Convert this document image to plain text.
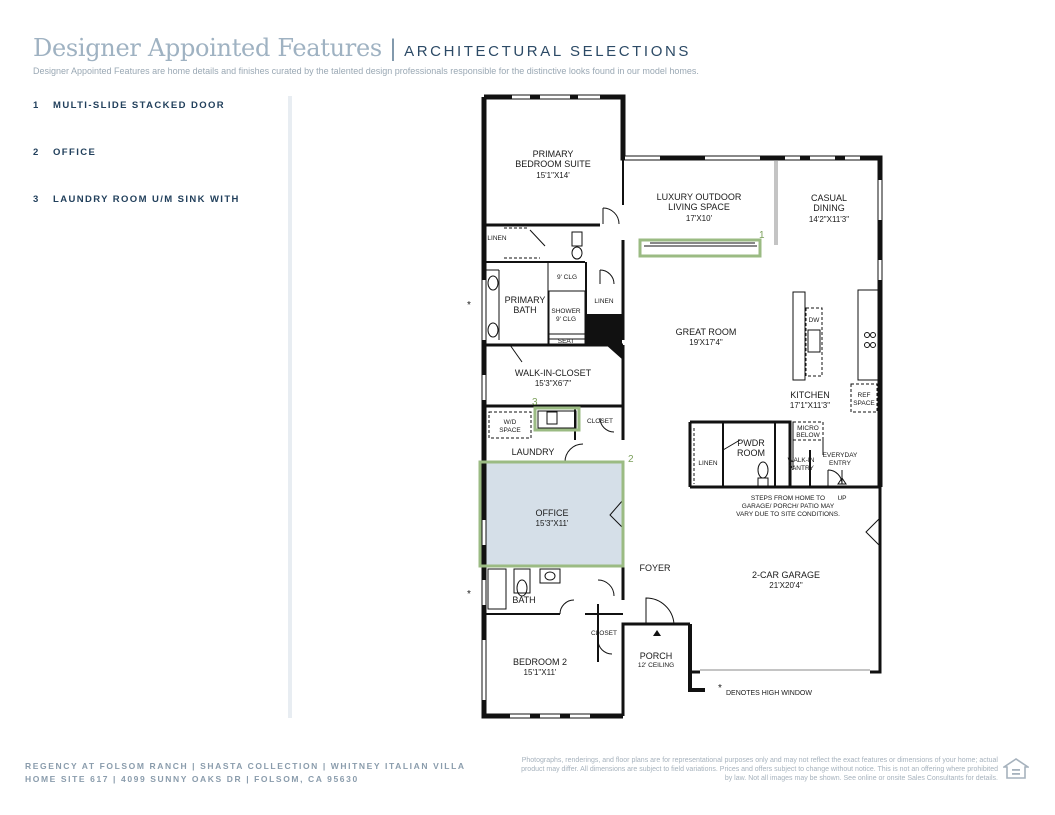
Designer Appointed Features | ARCHITECTURAL SELECTIONS
Designer Appointed Features are home details and finishes curated by the talented design professionals responsible for the distinctive looks found in our model homes.
1 MULTI-SLIDE STACKED DOOR
2 OFFICE
3 LAUNDRY ROOM U/M SINK WITH
1
2
3
PRIMARY
BEDROOM SUITE
15'1"X14'
LUXURY OUTDOOR
LIVING SPACE
17'X10'
CASUAL
DINING
14'2"X11'3"
PRIMARY
BATH
GREAT ROOM
19'X17'4"
WALK-IN-CLOSET
15'3"X6'7"
KITCHEN
17'1"X11'3"
LAUNDRY
PWDR
ROOM
OFFICE
15'3"X11'
2-CAR GARAGE
21'X20'4"
FOYER
BATH
PORCH
12' CEILING
BEDROOM 2
15'1"X11'
LINEN
9' CLG
SHOWER
9' CLG
SEAT
LINEN
W/D
SPACE
CLOSET
CLOSET
DW
REF
SPACE
MICRO
BELOW
WALK-IN
PANTRY
EVERYDAY
ENTRY
LINEN
UP
STEPS FROM HOME TO
GARAGE/ PORCH/ PATIO MAY
VARY DUE TO SITE CONDITIONS.
*
*
* DENOTES HIGH WINDOW
REGENCY AT FOLSOM RANCH | SHASTA COLLECTION | WHITNEY ITALIAN VILLA
HOME SITE 617 | 4099 SUNNY OAKS DR | FOLSOM, CA 95630
Photographs, renderings, and floor plans are for representational purposes only and may not reflect the exact features or dimensions of your home; actual product may differ. All dimensions are subject to field variations. Prices and offers subject to change without notice. This is not an offering where prohibited by law. Not all images may be shown. See online or onsite Sales Consultants for details.
